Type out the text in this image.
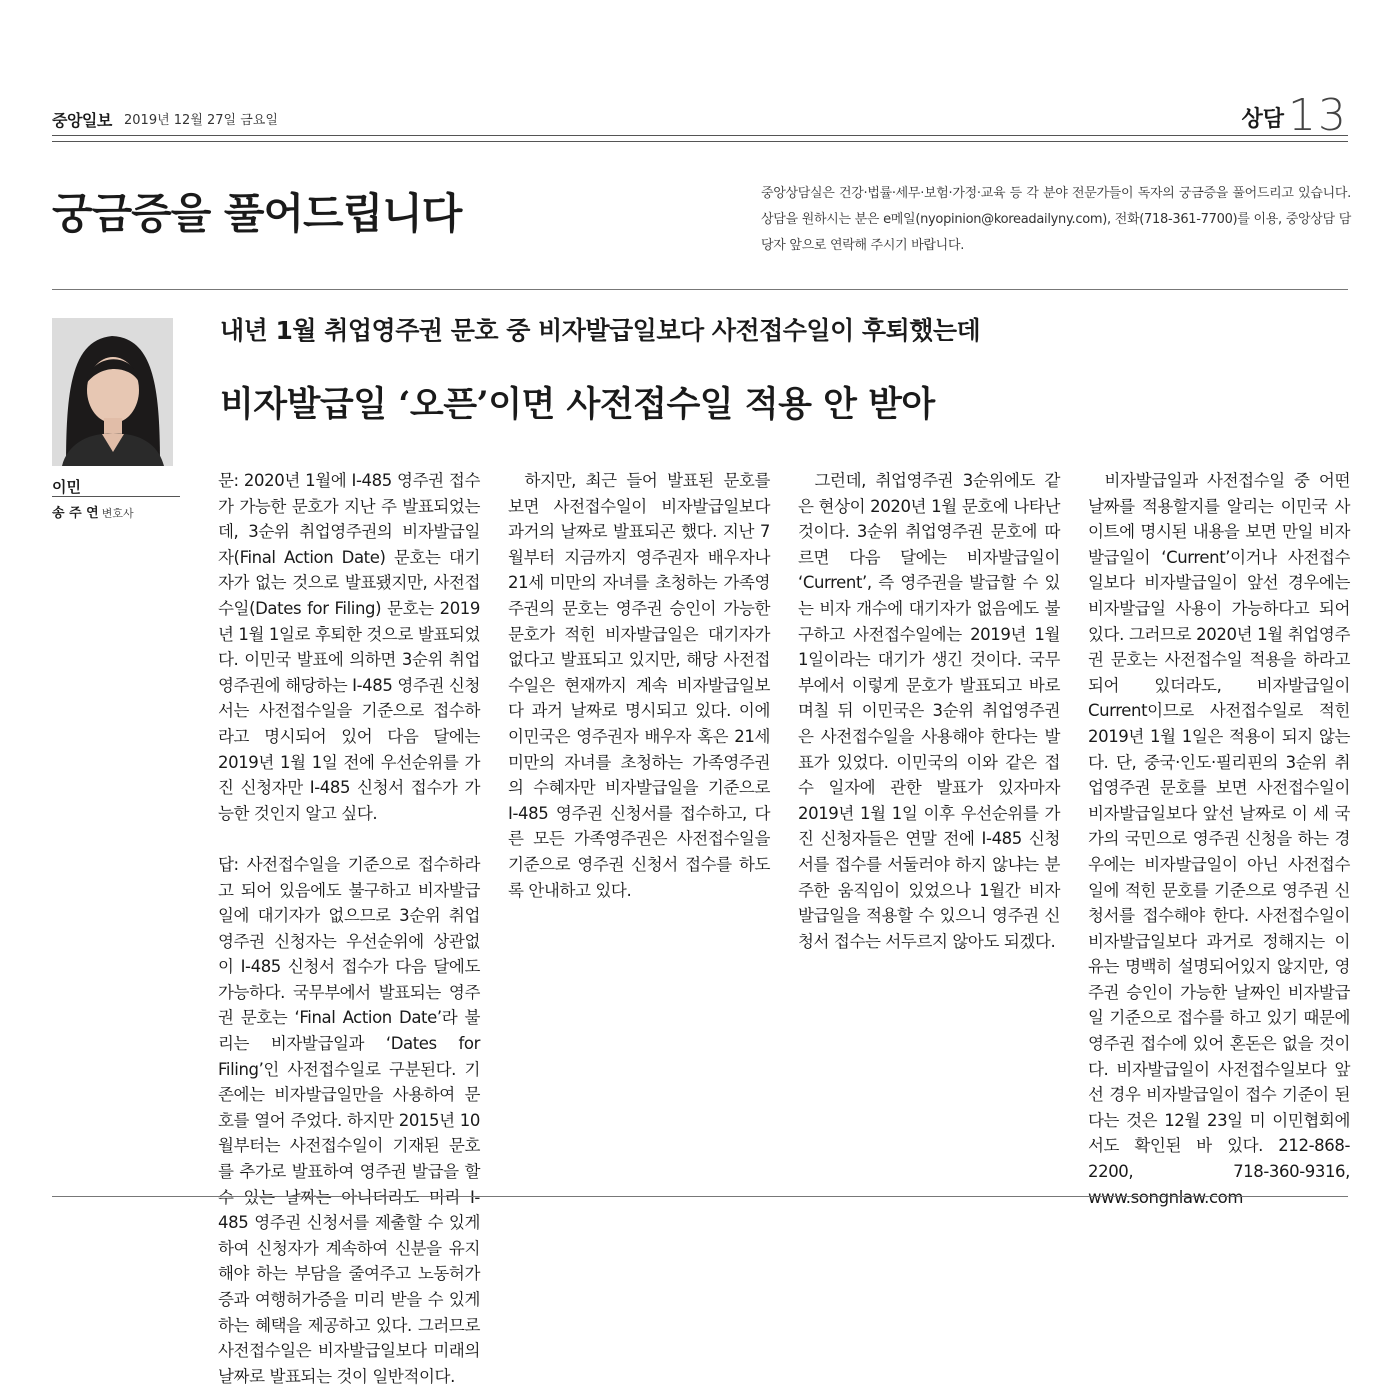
중앙일보 2019년 12월 27일 금요일	상담 13
궁금증을 풀어드립니다	중앙상담실은 건강·법률·세무·보험·가정·교육 등 각 분야 전문가들이 독자의 궁금증을 풀어드리고 있습니다. 상담을 원하시는 분은 e메일(nyopinion@koreadailyny.com), 전화(718-361-7700)를 이용, 중앙상담 담당자 앞으로 연락해 주시기 바랍니다.
이민
송 주 연 변호사
내년 1월 취업영주권 문호 중 비자발급일보다 사전접수일이 후퇴했는데
비자발급일 ‘오픈’이면 사전접수일 적용 안 받아

문: 2020년 1월에 I-485 영주권 접수가 가능한 문호가 지난 주 발표되었는데, 3순위 취업영주권의 비자발급일자(Final Action Date) 문호는 대기자가 없는 것으로 발표됐지만, 사전접수일(Dates for Filing) 문호는 2019년 1월 1일로 후퇴한 것으로 발표되었다. 이민국 발표에 의하면 3순위 취업영주권에 해당하는 I-485 영주권 신청서는 사전접수일을 기준으로 접수하라고 명시되어 있어 다음 달에는 2019년 1월 1일 전에 우선순위를 가진 신청자만 I-485 신청서 접수가 가능한 것인지 알고 싶다.

답: 사전접수일을 기준으로 접수하라고 되어 있음에도 불구하고 비자발급일에 대기자가 없으므로 3순위 취업영주권 신청자는 우선순위에 상관없이 I-485 신청서 접수가 다음 달에도 가능하다. 국무부에서 발표되는 영주권 문호는 ‘Final Action Date’라 불리는 비자발급일과 ‘Dates for Filing’인 사전접수일로 구분된다. 기존에는 비자발급일만을 사용하여 문호를 열어 주었다. 하지만 2015년 10월부터는 사전접수일이 기재된 문호를 추가로 발표하여 영주권 발급을 할 수 있는 날짜는 아니더라도 미리 I-485 영주권 신청서를 제출할 수 있게 하여 신청자가 계속하여 신분을 유지해야 하는 부담을 줄여주고 노동허가증과 여행허가증을 미리 받을 수 있게 하는 혜택을 제공하고 있다. 그러므로 사전접수일은 비자발급일보다 미래의 날짜로 발표되는 것이 일반적이다.

하지만, 최근 들어 발표된 문호를 보면 사전접수일이 비자발급일보다 과거의 날짜로 발표되곤 했다. 지난 7월부터 지금까지 영주권자 배우자나 21세 미만의 자녀를 초청하는 가족영주권의 문호는 영주권 승인이 가능한 문호가 적힌 비자발급일은 대기자가 없다고 발표되고 있지만, 해당 사전접수일은 현재까지 계속 비자발급일보다 과거 날짜로 명시되고 있다. 이에 이민국은 영주권자 배우자 혹은 21세 미만의 자녀를 초청하는 가족영주권의 수혜자만 비자발급일을 기준으로 I-485 영주권 신청서를 접수하고, 다른 모든 가족영주권은 사전접수일을 기준으로 영주권 신청서 접수를 하도록 안내하고 있다.

그런데, 취업영주권 3순위에도 같은 현상이 2020년 1월 문호에 나타난 것이다. 3순위 취업영주권 문호에 따르면 다음 달에는 비자발급일이 ‘Current’, 즉 영주권을 발급할 수 있는 비자 개수에 대기자가 없음에도 불구하고 사전접수일에는 2019년 1월 1일이라는 대기가 생긴 것이다. 국무부에서 이렇게 문호가 발표되고 바로 며칠 뒤 이민국은 3순위 취업영주권은 사전접수일을 사용해야 한다는 발표가 있었다. 이민국의 이와 같은 접수 일자에 관한 발표가 있자마자 2019년 1월 1일 이후 우선순위를 가진 신청자들은 연말 전에 I-485 신청서를 접수를 서둘러야 하지 않냐는 분주한 움직임이 있었으나 1월간 비자발급일을 적용할 수 있으니 영주권 신청서 접수는 서두르지 않아도 되겠다.

비자발급일과 사전접수일 중 어떤 날짜를 적용할지를 알리는 이민국 사이트에 명시된 내용을 보면 만일 비자발급일이 ‘Current’이거나 사전접수일보다 비자발급일이 앞선 경우에는 비자발급일 사용이 가능하다고 되어있다. 그러므로 2020년 1월 취업영주권 문호는 사전접수일 적용을 하라고 되어 있더라도, 비자발급일이 Current이므로 사전접수일로 적힌 2019년 1월 1일은 적용이 되지 않는다. 단, 중국·인도·필리핀의 3순위 취업영주권 문호를 보면 사전접수일이 비자발급일보다 앞선 날짜로 이 세 국가의 국민으로 영주권 신청을 하는 경우에는 비자발급일이 아닌 사전접수일에 적힌 문호를 기준으로 영주권 신청서를 접수해야 한다. 사전접수일이 비자발급일보다 과거로 정해지는 이유는 명백히 설명되어있지 않지만, 영주권 승인이 가능한 날짜인 비자발급일 기준으로 접수를 하고 있기 때문에 영주권 접수에 있어 혼돈은 없을 것이다. 비자발급일이 사전접수일보다 앞선 경우 비자발급일이 접수 기준이 된다는 것은 12월 23일 미 이민협회에서도 확인된 바 있다. 212-868-2200, 718-360-9316, www.songnlaw.com
